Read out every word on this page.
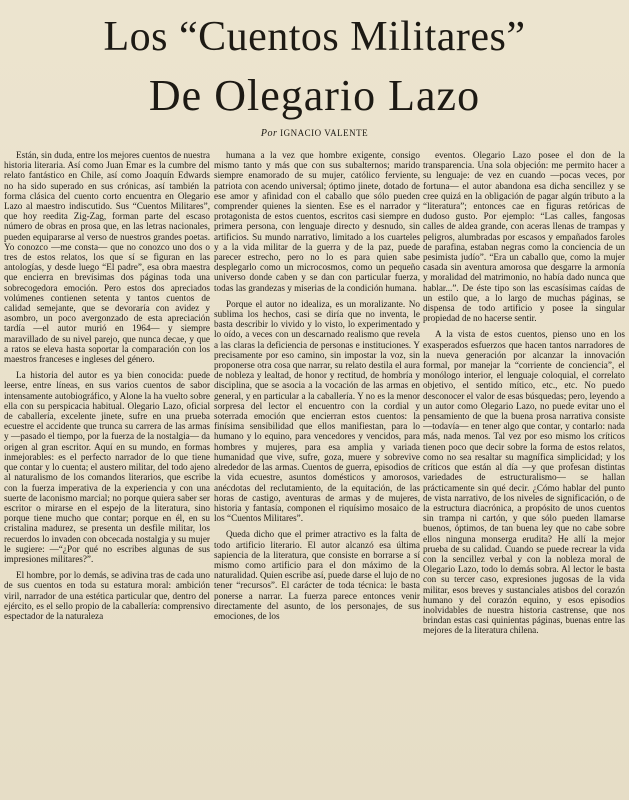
Los “Cuentos Militares”
De Olegario Lazo
Por IGNACIO VALENTE

Están, sin duda, entre los mejores cuentos de nuestra historia literaria. Así como Juan Emar es la cumbre del relato fantástico en Chile, así como Joaquín Edwards no ha sido superado en sus crónicas, así también la forma clásica del cuento corto encuentra en Olegario Lazo al maestro indiscutido. Sus “Cuentos Militares”, que hoy reedita Zig-Zag, forman parte del escaso número de obras en prosa que, en las letras nacionales, pueden equipararse al verso de nuestros grandes poetas. Yo conozco —me consta— que no conozco uno dos o tres de estos relatos, los que sí se figuran en las antologías, y desde luego “El padre”, esa obra maestra que encierra en brevísimas dos páginas toda una sobrecogedora emoción. Pero estos dos apreciados volúmenes contienen setenta y tantos cuentos de calidad semejante, que se devoraría con avidez y asombro, un poco avergonzado de esta apreciación tardía —el autor murió en 1964— y siempre maravillado de su nivel parejo, que nunca decae, y que a ratos se eleva hasta soportar la comparación con los maestros franceses e ingleses del género.

La historia del autor es ya bien conocida: puede leerse, entre líneas, en sus varios cuentos de sabor intensamente autobiográfico, y Alone la ha vuelto sobre ella con su perspicacia habitual. Olegario Lazo, oficial de caballería, excelente jinete, sufre en una prueba ecuestre el accidente que trunca su carrera de las armas y —pasado el tiempo, por la fuerza de la nostalgia— da origen al gran escritor. Aquí en su mundo, en formas inmejorables: es el perfecto narrador de lo que tiene que contar y lo cuenta; el austero militar, del todo ajeno al naturalismo de los comandos literarios, que escribe con la fuerza imperativa de la experiencia y con una suerte de laconismo marcial; no porque quiera saber ser escritor o mirarse en el espejo de la literatura, sino porque tiene mucho que contar; porque en él, en su cristalina madurez, se presenta un desfile militar, los recuerdos lo invaden con obcecada nostalgia y su mujer le sugiere: —“¿Por qué no escribes algunas de sus impresiones militares?”.

El hombre, por lo demás, se adivina tras de cada uno de sus cuentos en toda su estatura moral: ambición viril, narrador de una estética particular que, dentro del ejército, es el sello propio de la caballería: comprensivo espectador de la naturaleza

humana a la vez que hombre exigente, consigo mismo tanto y más que con sus subalternos; marido siempre enamorado de su mujer, católico ferviente, patriota con acendo universal; óptimo jinete, dotado de ese amor y afinidad con el caballo que sólo pueden comprender quienes la sienten. Ese es el narrador y protagonista de estos cuentos, escritos casi siempre en primera persona, con lenguaje directo y desnudo, sin artificios. Su mundo narrativo, limitado a los cuarteles y a la vida militar de la guerra y de la paz, puede parecer estrecho, pero no lo es para quien sabe desplegarlo como un microcosmos, como un pequeño universo donde caben y se dan con particular fuerza, todas las grandezas y miserias de la condición humana.

Porque el autor no idealiza, es un moralizante. No sublima los hechos, casi se diría que no inventa, le basta describir lo vivido y lo visto, lo experimentado y lo oído, a veces con un descarnado realismo que revela a las claras la deficiencia de personas e instituciones. Y precisamente por eso camino, sin impostar la voz, sin proponerse otra cosa que narrar, su relato destila el aura de nobleza y lealtad, de honor y rectitud, de hombría y disciplina, que se asocia a la vocación de las armas en general, y en particular a la caballería. Y no es la menor sorpresa del lector el encuentro con la cordial y soterrada emoción que encierran estos cuentos: la finísima sensibilidad que ellos manifiestan, para lo humano y lo equino, para vencedores y vencidos, para hombres y mujeres, para esa amplia y variada humanidad que vive, sufre, goza, muere y sobrevive alrededor de las armas. Cuentos de guerra, episodios de la vida ecuestre, asuntos domésticos y amorosos, anécdotas del reclutamiento, de la equitación, de las horas de castigo, aventuras de armas y de mujeres, historia y fantasía, componen el riquísimo mosaico de los “Cuentos Militares”.

Queda dicho que el primer atractivo es la falta de todo artificio literario. El autor alcanzó esa última sapiencia de la literatura, que consiste en borrarse a sí mismo como artificio para el don máximo de la naturalidad. Quien escribe así, puede darse el lujo de no tener “recursos”. El carácter de toda técnica: le basta ponerse a narrar. La fuerza parece entonces venir directamente del asunto, de los personajes, de sus emociones, de los

eventos. Olegario Lazo posee el don de la transparencia. Una sola objeción: me permito hacer a su lenguaje: de vez en cuando —pocas veces, por fortuna— el autor abandona esa dicha sencillez y se cree quizá en la obligación de pagar algún tributo a la “literatura”; entonces cae en figuras retóricas de dudoso gusto. Por ejemplo: “Las calles, fangosas calles de aldea grande, con aceras llenas de trampas y peligros, alumbradas por escasos y empañados faroles de parafina, estaban negras como la conciencia de un pesimista judío”. “Era un caballo que, como la mujer casada sin aventura amorosa que desgarre la armonía y moralidad del matrimonio, no había dado nunca que hablar...”. De éste tipo son las escasísimas caídas de un estilo que, a lo largo de muchas páginas, se dispensa de todo artificio y posee la singular propiedad de no hacerse sentir.

A la vista de estos cuentos, pienso uno en los exasperados esfuerzos que hacen tantos narradores de la nueva generación por alcanzar la innovación formal, por manejar la “corriente de conciencia”, el monólogo interior, el lenguaje coloquial, el correlato objetivo, el sentido mítico, etc., etc. No puedo desconocer el valor de esas búsquedas; pero, leyendo a un autor como Olegario Lazo, no puede evitar uno el pensamiento de que la buena prosa narrativa consiste —todavía— en tener algo que contar, y contarlo: nada más, nada menos. Tal vez por eso mismo los críticos tienen poco que decir sobre la forma de estos relatos, como no sea resaltar su magnífica simplicidad; y los críticos que están al día —y que profesan distintas variedades de estructuralismo— se hallan prácticamente sin qué decir. ¿Cómo hablar del punto de vista narrativo, de los niveles de significación, o de la estructura diacrónica, a propósito de unos cuentos sin trampa ni cartón, y que sólo pueden llamarse buenos, óptimos, de tan buena ley que no cabe sobre ellos ninguna monserga erudita? He allí la mejor prueba de su calidad. Cuando se puede recrear la vida con la sencillez verbal y con la nobleza moral de Olegario Lazo, todo lo demás sobra. Al lector le basta con su tercer caso, expresiones jugosas de la vida militar, esos breves y sustanciales atisbos del corazón humano y del corazón equino, y esos episodios inolvidables de nuestra historia castrense, que nos brindan estas casi quinientas páginas, buenas entre las mejores de la literatura chilena.
